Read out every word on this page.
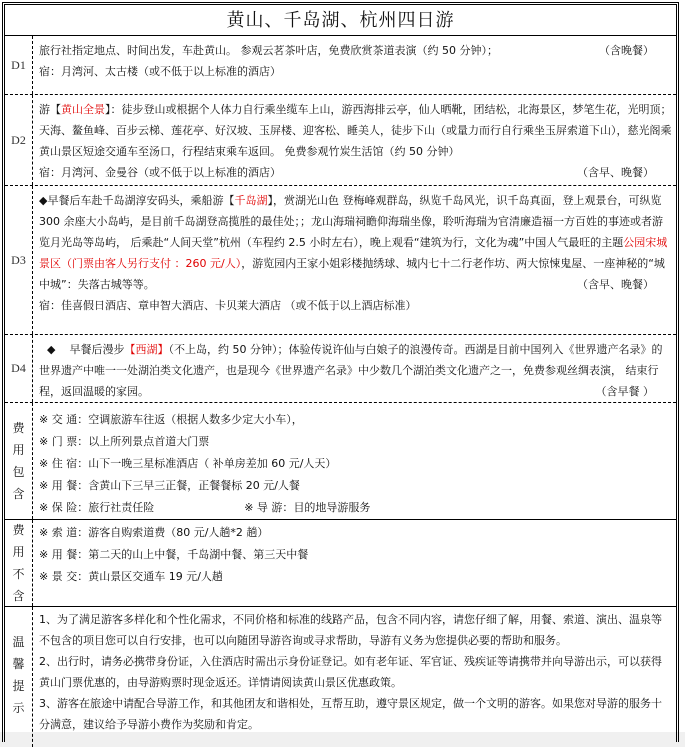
黄山、千岛湖、杭州四日游
D1
旅行社指定地点、时间出发，车赴黄山。 参观云茗茶叶店，免费欣赏茶道表演（约 50 分钟）；	（含晚餐）
宿：月湾河、太古楼（或不低于以上标准的酒店）
D2
游【黄山全景】：徒步登山或根据个人体力自行乘坐缆车上山，游西海排云亭，仙人晒靴，团结松，北海景区，梦笔生花，光明顶；天海、鳌鱼峰、百步云梯、莲花亭、好汉坡、玉屏楼、迎客松、睡美人，徒步下山（或量力而行自行乘坐玉屏索道下山），慈光阁乘黄山景区短途交通车至汤口，行程结束乘车返回。 免费参观竹炭生活馆（约 50 分钟）
宿：月湾河、金曼谷（或不低于以上标准的酒店）	（含早、晚餐）
D3
◆早餐后车赴千岛湖淳安码头，乘船游【千岛湖】，赏湖光山色 登梅峰观群岛，纵览千岛风光，识千岛真面，登上观景台，可纵览 300 余座大小岛屿，是目前千岛湖登高揽胜的最佳处；；龙山海瑞祠瞻仰海瑞坐像，聆听海瑞为官清廉造福一方百姓的事迹或者游览月光岛等岛屿， 后乘赴“人间天堂”杭州（车程约 2.5 小时左右），晚上观看“建筑为行，文化为魂”中国人气最旺的主题公园宋城景区（门票由客人另行支付 ：260 元/人），游览园内王家小姐彩楼抛绣球、城内七十二行老作坊、两大惊悚鬼屋、一座神秘的“城中城”：失落古城等等。	（含早、晚餐）
宿：佳喜假日酒店、章申智大酒店、卡贝莱大酒店 （或不低于以上酒店标准）
D4
◆ 早餐后漫步【西湖】（不上岛，约 50 分钟）；体验传说许仙与白娘子的浪漫传奇。西湖是目前中国列入《世界遗产名录》的世界遗产中唯一一处湖泊类文化遗产，也是现今《世界遗产名录》中少数几个湖泊类文化遗产之一，免费参观丝绸表演， 结束行程，返回温暖的家园。	（含早餐 ）
费
用
包
含
※ 交 通：空调旅游车往返（根据人数多少定大小车），
※ 门 票：以上所列景点首道大门票
※ 住 宿：山下一晚三星标准酒店（ 补单房差加 60 元/人天）
※ 用 餐：含黄山下三早三正餐，正餐餐标 20 元/人餐
※ 保 险：旅行社责任险	※ 导 游：目的地导游服务
费
用
不
含
※ 索 道：游客自购索道费（80 元/人趟*2 趟）
※ 用 餐：第二天的山上中餐，千岛湖中餐、第三天中餐
※ 景 交：黄山景区交通车 19 元/人趟
温
馨
提
示
1、为了满足游客多样化和个性化需求，不同价格和标准的线路产品，包含不同内容，请您仔细了解，用餐、索道、演出、温泉等不包含的项目您可以自行安排，也可以向随团导游咨询或寻求帮助，导游有义务为您提供必要的帮助和服务。
2、出行时，请务必携带身份证，入住酒店时需出示身份证登记。如有老年证、军官证、残疾证等请携带并向导游出示，可以获得黄山门票优惠的，由导游购票时现金返还。详情请阅读黄山景区优惠政策。
3、游客在旅途中请配合导游工作，和其他团友和谐相处，互帮互助，遵守景区规定，做一个文明的游客。如果您对导游的服务十分满意，建议给予导游小费作为奖励和肯定。
